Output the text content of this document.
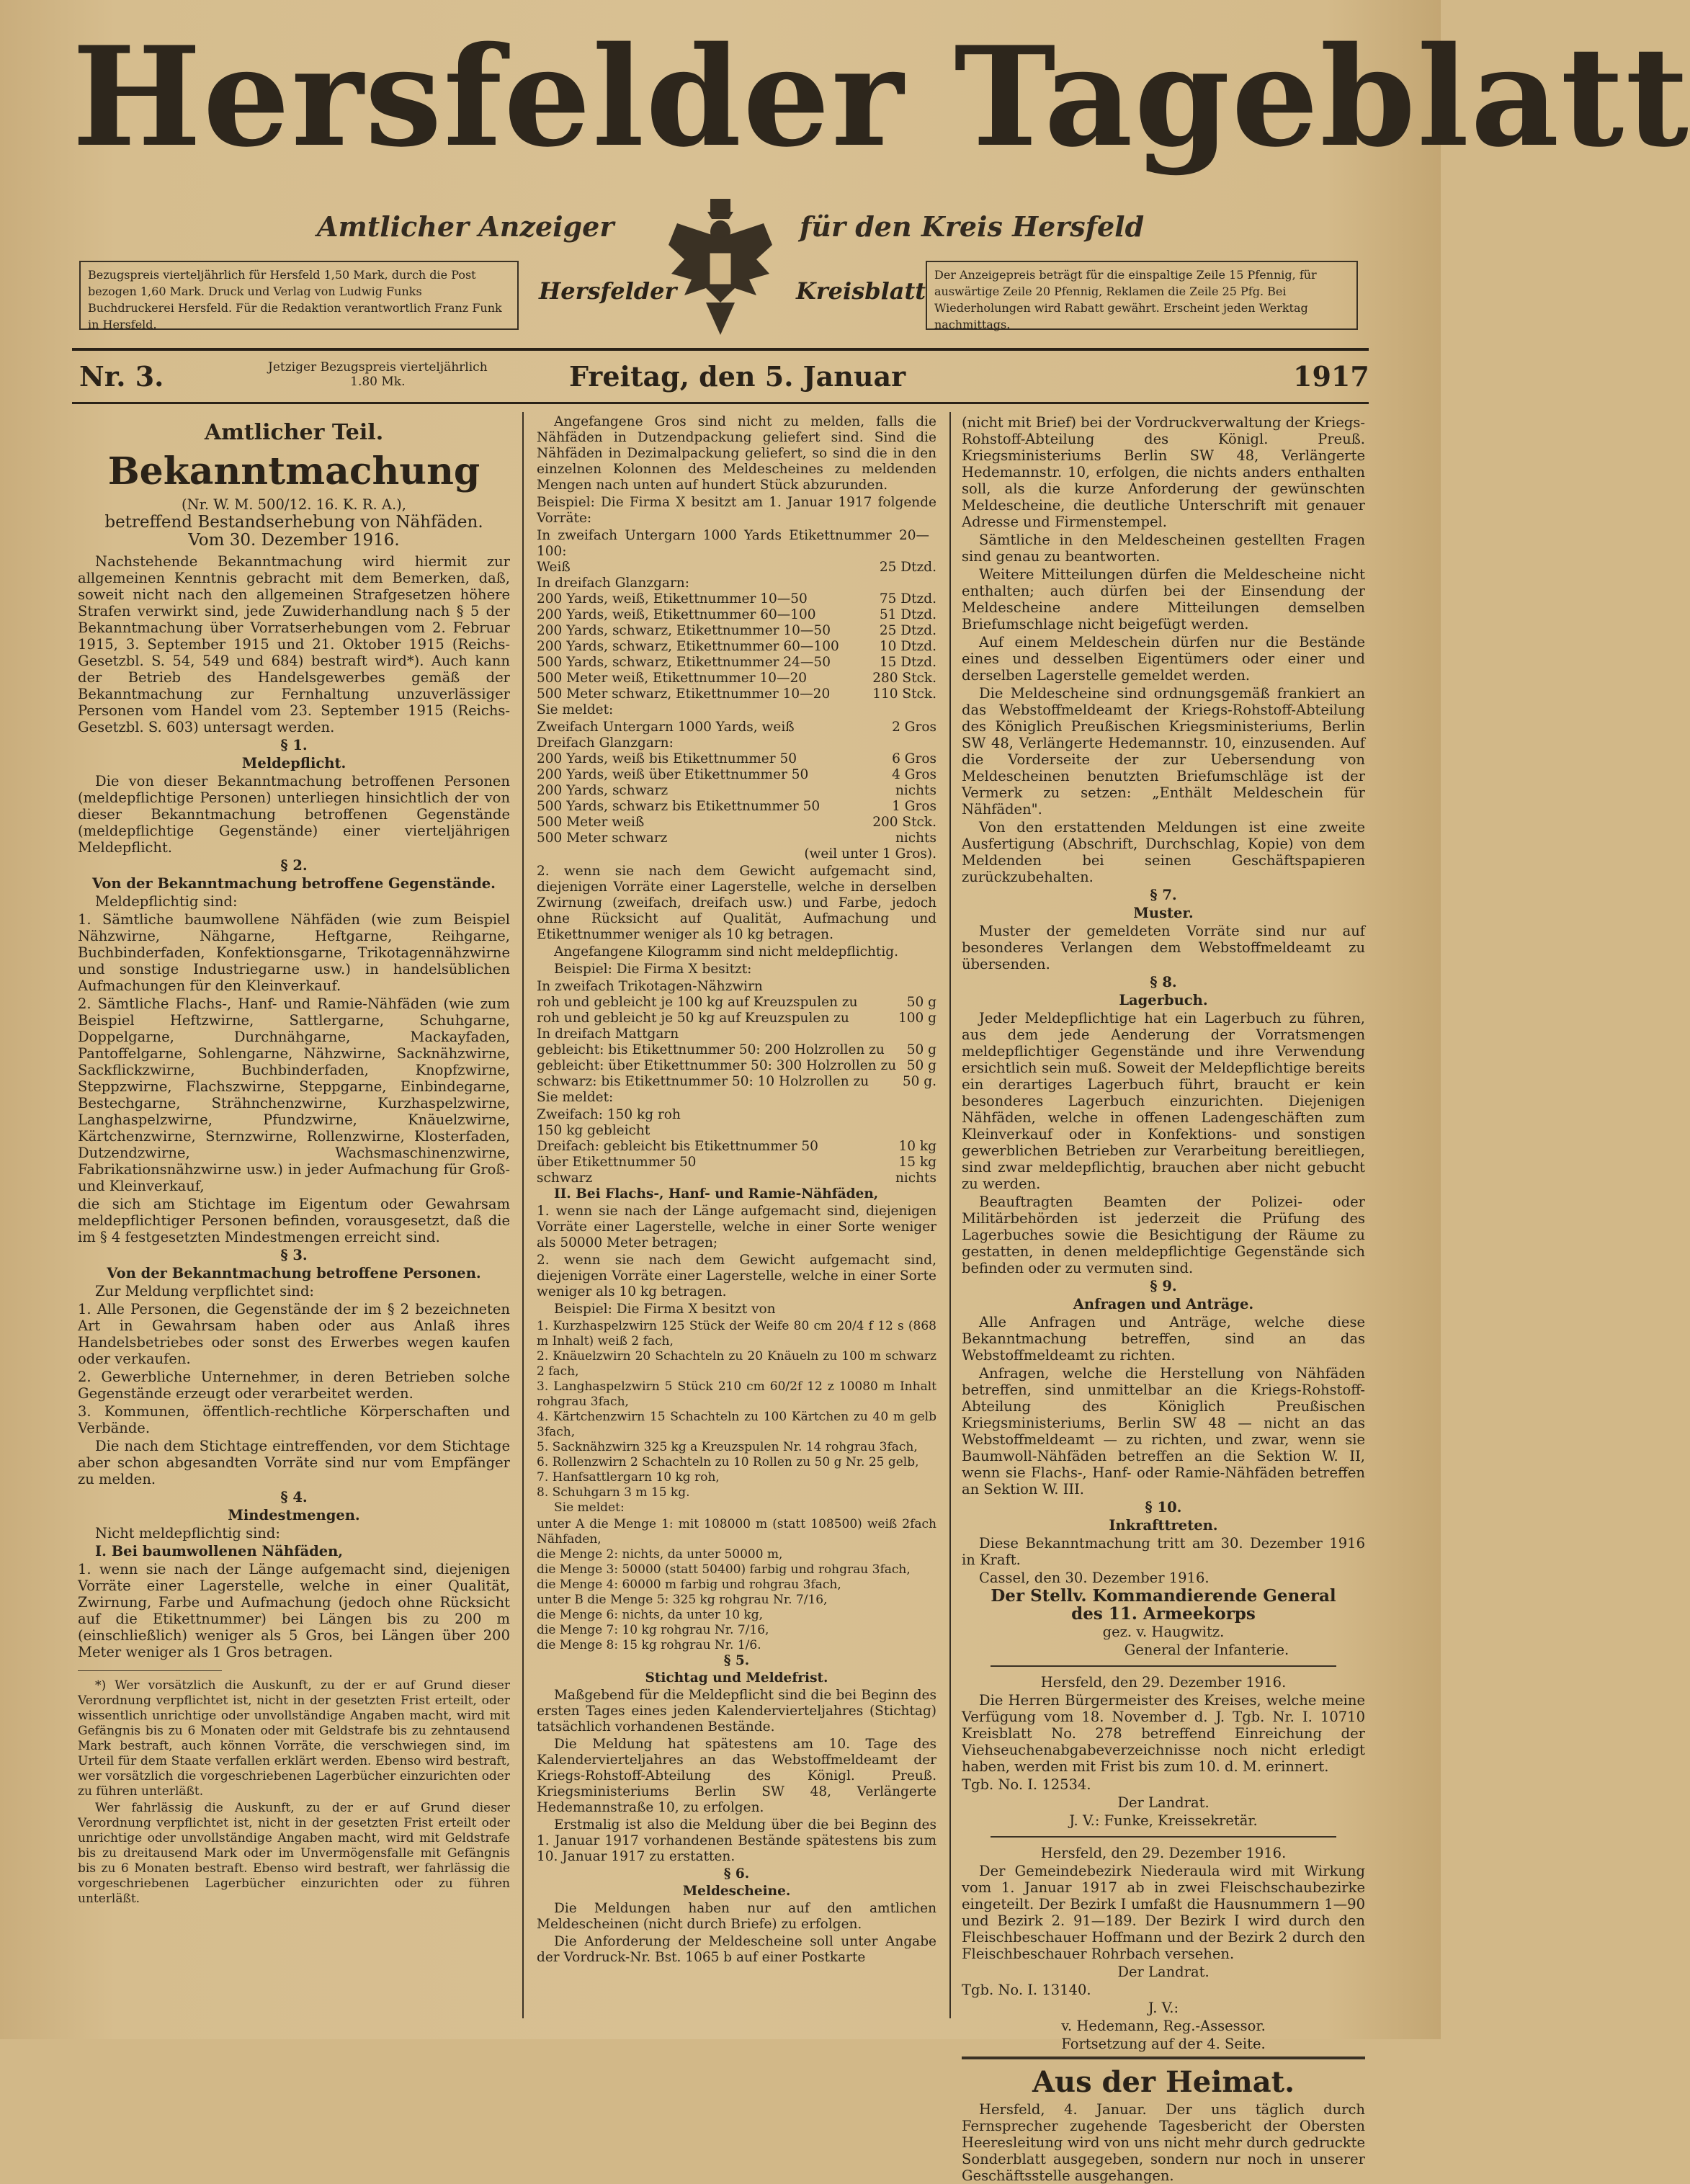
Hersfelder Tageblatt
Amtlicher Anzeiger	für den Kreis Hersfeld
Bezugspreis vierteljährlich für Hersfeld 1,50 Mark, durch die Post bezogen 1,60 Mark. Druck und Verlag von Ludwig Funks Buchdruckerei Hersfeld. Für die Redaktion verantwortlich Franz Funk in Hersfeld.
Hersfelder	Kreisblatt
Der Anzeigepreis beträgt für die einspaltige Zeile 15 Pfennig, für auswärtige Zeile 20 Pfennig, Reklamen die Zeile 25 Pfg. Bei Wiederholungen wird Rabatt gewährt. Erscheint jeden Werktag nachmittags.
Nr. 3.	Jetziger Bezugspreis vierteljährlich
1.80 Mk.	Freitag, den 5. Januar	1917

Amtlicher Teil.

Bekanntmachung

(Nr. W. M. 500/12. 16. K. R. A.),

betreffend Bestandserhebung von Nähfäden.

Vom 30. Dezember 1916.

Nachstehende Bekanntmachung wird hiermit zur allgemeinen Kenntnis gebracht mit dem Bemerken, daß, soweit nicht nach den allgemeinen Strafgesetzen höhere Strafen verwirkt sind, jede Zuwiderhandlung nach § 5 der Bekanntmachung über Vorratserhebungen vom 2. Februar 1915, 3. September 1915 und 21. Oktober 1915 (Reichs-Gesetzbl. S. 54, 549 und 684) bestraft wird*). Auch kann der Betrieb des Handelsgewerbes gemäß der Bekanntmachung zur Fernhaltung unzuverlässiger Personen vom Handel vom 23. September 1915 (Reichs-Gesetzbl. S. 603) untersagt werden.

§ 1.

Meldepflicht.

Die von dieser Bekanntmachung betroffenen Personen (meldepflichtige Personen) unterliegen hinsichtlich der von dieser Bekanntmachung betroffenen Gegenstände (meldepflichtige Gegenstände) einer vierteljährigen Meldepflicht.

§ 2.

Von der Bekanntmachung betroffene Gegenstände.

Meldepflichtig sind:

1. Sämtliche baumwollene Nähfäden (wie zum Beispiel Nähzwirne, Nähgarne, Heftgarne, Reihgarne, Buchbinderfaden, Konfektionsgarne, Trikotagennähzwirne und sonstige Industriegarne usw.) in handelsüblichen Aufmachungen für den Kleinverkauf.

2. Sämtliche Flachs-, Hanf- und Ramie-Nähfäden (wie zum Beispiel Heftzwirne, Sattlergarne, Schuhgarne, Doppelgarne, Durchnähgarne, Mackayfaden, Pantoffelgarne, Sohlengarne, Nähzwirne, Sacknähzwirne, Sackflickzwirne, Buchbinderfaden, Knopfzwirne, Steppzwirne, Flachszwirne, Steppgarne, Einbindegarne, Bestechgarne, Strähnchenzwirne, Kurzhaspelzwirne, Langhaspelzwirne, Pfundzwirne, Knäuelzwirne, Kärtchenzwirne, Sternzwirne, Rollenzwirne, Klosterfaden, Dutzendzwirne, Wachsmaschinenzwirne, Fabrikationsnähzwirne usw.) in jeder Aufmachung für Groß- und Kleinverkauf,

die sich am Stichtage im Eigentum oder Gewahrsam meldepflichtiger Personen befinden, vorausgesetzt, daß die im § 4 festgesetzten Mindestmengen erreicht sind.

§ 3.

Von der Bekanntmachung betroffene Personen.

Zur Meldung verpflichtet sind:

1. Alle Personen, die Gegenstände der im § 2 bezeichneten Art in Gewahrsam haben oder aus Anlaß ihres Handelsbetriebes oder sonst des Erwerbes wegen kaufen oder verkaufen.

2. Gewerbliche Unternehmer, in deren Betrieben solche Gegenstände erzeugt oder verarbeitet werden.

3. Kommunen, öffentlich-rechtliche Körperschaften und Verbände.

Die nach dem Stichtage eintreffenden, vor dem Stichtage aber schon abgesandten Vorräte sind nur vom Empfänger zu melden.

§ 4.

Mindestmengen.

Nicht meldepflichtig sind:

I. Bei baumwollenen Nähfäden,

1. wenn sie nach der Länge aufgemacht sind, diejenigen Vorräte einer Lagerstelle, welche in einer Qualität, Zwirnung, Farbe und Aufmachung (jedoch ohne Rücksicht auf die Etikettnummer) bei Längen bis zu 200 m (einschließlich) weniger als 5 Gros, bei Längen über 200 Meter weniger als 1 Gros betragen.

*) Wer vorsätzlich die Auskunft, zu der er auf Grund dieser Verordnung verpflichtet ist, nicht in der gesetzten Frist erteilt, oder wissentlich unrichtige oder unvollständige Angaben macht, wird mit Gefängnis bis zu 6 Monaten oder mit Geldstrafe bis zu zehntausend Mark bestraft, auch können Vorräte, die verschwiegen sind, im Urteil für dem Staate verfallen erklärt werden. Ebenso wird bestraft, wer vorsätzlich die vorgeschriebenen Lagerbücher einzurichten oder zu führen unterläßt.

Wer fahrlässig die Auskunft, zu der er auf Grund dieser Verordnung verpflichtet ist, nicht in der gesetzten Frist erteilt oder unrichtige oder unvollständige Angaben macht, wird mit Geldstrafe bis zu dreitausend Mark oder im Unvermögensfalle mit Gefängnis bis zu 6 Monaten bestraft. Ebenso wird bestraft, wer fahrlässig die vorgeschriebenen Lagerbücher einzurichten oder zu führen unterläßt.

Angefangene Gros sind nicht zu melden, falls die Nähfäden in Dutzendpackung geliefert sind. Sind die Nähfäden in Dezimalpackung geliefert, so sind die in den einzelnen Kolonnen des Meldescheines zu meldenden Mengen nach unten auf hundert Stück abzurunden.

Beispiel: Die Firma X besitzt am 1. Januar 1917 folgende Vorräte:

In zweifach Untergarn 1000 Yards Etikettnummer 20—100:
Weiß	25 Dtzd.
In dreifach Glanzgarn:
200 Yards, weiß, Etikettnummer 10—50	75 Dtzd.
200 Yards, weiß, Etikettnummer 60—100	51 Dtzd.
200 Yards, schwarz, Etikettnummer 10—50	25 Dtzd.
200 Yards, schwarz, Etikettnummer 60—100	10 Dtzd.
500 Yards, schwarz, Etikettnummer 24—50	15 Dtzd.
500 Meter weiß, Etikettnummer 10—20	280 Stck.
500 Meter schwarz, Etikettnummer 10—20	110 Stck.

Sie meldet:

Zweifach Untergarn 1000 Yards, weiß	2 Gros
Dreifach Glanzgarn:
200 Yards, weiß bis Etikettnummer 50	6 Gros
200 Yards, weiß über Etikettnummer 50	4 Gros
200 Yards, schwarz	nichts
500 Yards, schwarz bis Etikettnummer 50	1 Gros
500 Meter weiß	200 Stck.
500 Meter schwarz	nichts

(weil unter 1 Gros).

2. wenn sie nach dem Gewicht aufgemacht sind, diejenigen Vorräte einer Lagerstelle, welche in derselben Zwirnung (zweifach, dreifach usw.) und Farbe, jedoch ohne Rücksicht auf Qualität, Aufmachung und Etikettnummer weniger als 10 kg betragen.

Angefangene Kilogramm sind nicht meldepflichtig.

Beispiel: Die Firma X besitzt:

In zweifach Trikotagen-Nähzwirn
roh und gebleicht je 100 kg auf Kreuzspulen zu	50 g
roh und gebleicht je 50 kg auf Kreuzspulen zu	100 g
In dreifach Mattgarn
gebleicht: bis Etikettnummer 50: 200 Holzrollen zu 50 g
gebleicht: über Etikettnummer 50: 300 Holzrollen zu 50 g
schwarz: bis Etikettnummer 50: 10 Holzrollen zu	50 g.

Sie meldet:

Zweifach: 150 kg roh
150 kg gebleicht
Dreifach: gebleicht bis Etikettnummer 50	10 kg
über Etikettnummer 50	15 kg
schwarz	nichts

II. Bei Flachs-, Hanf- und Ramie-Nähfäden,

1. wenn sie nach der Länge aufgemacht sind, diejenigen Vorräte einer Lagerstelle, welche in einer Sorte weniger als 50000 Meter betragen;

2. wenn sie nach dem Gewicht aufgemacht sind, diejenigen Vorräte einer Lagerstelle, welche in einer Sorte weniger als 10 kg betragen.

Beispiel: Die Firma X besitzt von

1. Kurzhaspelzwirn 125 Stück der Weife 80 cm 20/4 f 12 s (868 m Inhalt) weiß 2 fach,
2. Knäuelzwirn 20 Schachteln zu 20 Knäueln zu 100 m schwarz 2 fach,
3. Langhaspelzwirn 5 Stück 210 cm 60/2f 12 z 10080 m Inhalt rohgrau 3fach,
4. Kärtchenzwirn 15 Schachteln zu 100 Kärtchen zu 40 m gelb 3fach,
5. Sacknähzwirn 325 kg a Kreuzspulen Nr. 14 rohgrau 3fach,
6. Rollenzwirn 2 Schachteln zu 10 Rollen zu 50 g Nr. 25 gelb,
7. Hanfsattlergarn 10 kg roh,
8. Schuhgarn 3 m 15 kg.

Sie meldet:

unter A die Menge 1: mit 108000 m (statt 108500) weiß 2fach Nähfaden,
die Menge 2: nichts, da unter 50000 m,
die Menge 3: 50000 (statt 50400) farbig und rohgrau 3fach,
die Menge 4: 60000 m farbig und rohgrau 3fach,
unter B die Menge 5: 325 kg rohgrau Nr. 7/16,
die Menge 6: nichts, da unter 10 kg,
die Menge 7: 10 kg rohgrau Nr. 7/16,
die Menge 8: 15 kg rohgrau Nr. 1/6.

§ 5.

Stichtag und Meldefrist.

Maßgebend für die Meldepflicht sind die bei Beginn des ersten Tages eines jeden Kalendervierteljahres (Stichtag) tatsächlich vorhandenen Bestände.

Die Meldung hat spätestens am 10. Tage des Kalendervierteljahres an das Webstoffmeldeamt der Kriegs-Rohstoff-Abteilung des Königl. Preuß. Kriegsministeriums Berlin SW 48, Verlängerte Hedemannstraße 10, zu erfolgen.

Erstmalig ist also die Meldung über die bei Beginn des 1. Januar 1917 vorhandenen Bestände spätestens bis zum 10. Januar 1917 zu erstatten.

§ 6.

Meldescheine.

Die Meldungen haben nur auf den amtlichen Meldescheinen (nicht durch Briefe) zu erfolgen.

Die Anforderung der Meldescheine soll unter Angabe der Vordruck-Nr. Bst. 1065 b auf einer Postkarte

(nicht mit Brief) bei der Vordruckverwaltung der Kriegs-Rohstoff-Abteilung des Königl. Preuß. Kriegsministeriums Berlin SW 48, Verlängerte Hedemannstr. 10, erfolgen, die nichts anders enthalten soll, als die kurze Anforderung der gewünschten Meldescheine, die deutliche Unterschrift mit genauer Adresse und Firmenstempel.

Sämtliche in den Meldescheinen gestellten Fragen sind genau zu beantworten.

Weitere Mitteilungen dürfen die Meldescheine nicht enthalten; auch dürfen bei der Einsendung der Meldescheine andere Mitteilungen demselben Briefumschlage nicht beigefügt werden.

Auf einem Meldeschein dürfen nur die Bestände eines und desselben Eigentümers oder einer und derselben Lagerstelle gemeldet werden.

Die Meldescheine sind ordnungsgemäß frankiert an das Webstoffmeldeamt der Kriegs-Rohstoff-Abteilung des Königlich Preußischen Kriegsministeriums, Berlin SW 48, Verlängerte Hedemannstr. 10, einzusenden. Auf die Vorderseite der zur Uebersendung von Meldescheinen benutzten Briefumschläge ist der Vermerk zu setzen: „Enthält Meldeschein für Nähfäden".

Von den erstattenden Meldungen ist eine zweite Ausfertigung (Abschrift, Durchschlag, Kopie) von dem Meldenden bei seinen Geschäftspapieren zurückzubehalten.

§ 7.

Muster.

Muster der gemeldeten Vorräte sind nur auf besonderes Verlangen dem Webstoffmeldeamt zu übersenden.

§ 8.

Lagerbuch.

Jeder Meldepflichtige hat ein Lagerbuch zu führen, aus dem jede Aenderung der Vorratsmengen meldepflichtiger Gegenstände und ihre Verwendung ersichtlich sein muß. Soweit der Meldepflichtige bereits ein derartiges Lagerbuch führt, braucht er kein besonderes Lagerbuch einzurichten. Diejenigen Nähfäden, welche in offenen Ladengeschäften zum Kleinverkauf oder in Konfektions- und sonstigen gewerblichen Betrieben zur Verarbeitung bereitliegen, sind zwar meldepflichtig, brauchen aber nicht gebucht zu werden.

Beauftragten Beamten der Polizei- oder Militärbehörden ist jederzeit die Prüfung des Lagerbuches sowie die Besichtigung der Räume zu gestatten, in denen meldepflichtige Gegenstände sich befinden oder zu vermuten sind.

§ 9.

Anfragen und Anträge.

Alle Anfragen und Anträge, welche diese Bekanntmachung betreffen, sind an das Webstoffmeldeamt zu richten.

Anfragen, welche die Herstellung von Nähfäden betreffen, sind unmittelbar an die Kriegs-Rohstoff-Abteilung des Königlich Preußischen Kriegsministeriums, Berlin SW 48 — nicht an das Webstoffmeldeamt — zu richten, und zwar, wenn sie Baumwoll-Nähfäden betreffen an die Sektion W. II, wenn sie Flachs-, Hanf- oder Ramie-Nähfäden betreffen an Sektion W. III.

§ 10.

Inkrafttreten.

Diese Bekanntmachung tritt am 30. Dezember 1916 in Kraft.

Cassel, den 30. Dezember 1916.

Der Stellv. Kommandierende General

des 11. Armeekorps

gez. v. Haugwitz.

General der Infanterie.

Hersfeld, den 29. Dezember 1916.

Die Herren Bürgermeister des Kreises, welche meine Verfügung vom 18. November d. J. Tgb. Nr. I. 10710 Kreisblatt No. 278 betreffend Einreichung der Viehseuchenabgabeverzeichnisse noch nicht erledigt haben, werden mit Frist bis zum 10. d. M. erinnert.

Tgb. No. I. 12534.

Der Landrat.

J. V.: Funke, Kreissekretär.

Hersfeld, den 29. Dezember 1916.

Der Gemeindebezirk Niederaula wird mit Wirkung vom 1. Januar 1917 ab in zwei Fleischschaubezirke eingeteilt. Der Bezirk I umfaßt die Hausnummern 1—90 und Bezirk 2. 91—189. Der Bezirk I wird durch den Fleischbeschauer Hoffmann und der Bezirk 2 durch den Fleischbeschauer Rohrbach versehen.

Der Landrat.

Tgb. No. I. 13140.

J. V.:

v. Hedemann, Reg.-Assessor.

Fortsetzung auf der 4. Seite.

Aus der Heimat.

Hersfeld, 4. Januar. Der uns täglich durch Fernsprecher zugehende Tagesbericht der Obersten Heeresleitung wird von uns nicht mehr durch gedruckte Sonderblatt ausgegeben, sondern nur noch in unserer Geschäftsstelle ausgehangen.
